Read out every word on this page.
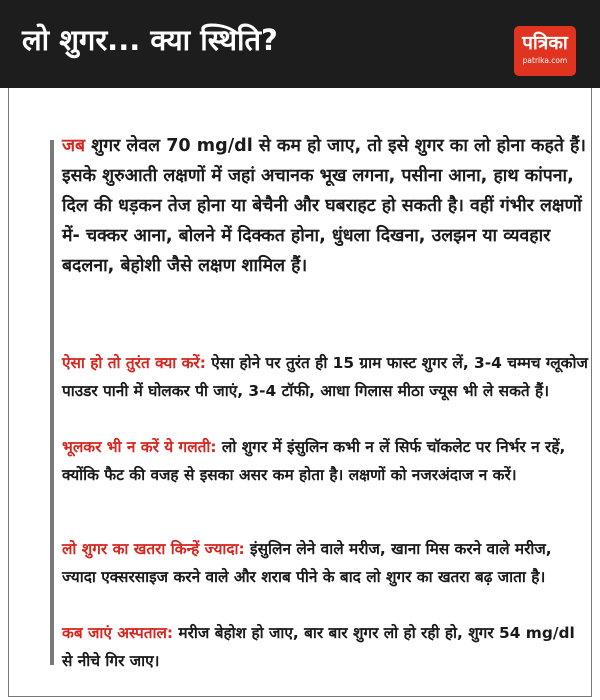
लो शुगर... क्या स्थिति?	पत्रिका
patrika.com

जब शुगर लेवल 70 mg/dl से कम हो जाए, तो इसे शुगर का लो होना कहते हैं। इसके शुरुआती लक्षणों में जहां अचानक भूख लगना, पसीना आना, हाथ कांपना, दिल की धड़कन तेज होना या बेचैनी और घबराहट हो सकती है। वहीं गंभीर लक्षणों में- चक्कर आना, बोलने में दिक्कत होना, धुंधला दिखना, उलझन या व्यवहार बदलना, बेहोशी जैसे लक्षण शामिल हैं।

ऐसा हो तो तुरंत क्या करें: ऐसा होने पर तुरंत ही 15 ग्राम फास्ट शुगर लें, 3-4 चम्मच ग्लूकोज पाउडर पानी में घोलकर पी जाएं, 3-4 टॉफी, आधा गिलास मीठा ज्यूस भी ले सकते हैं।

भूलकर भी न करें ये गलती: लो शुगर में इंसुलिन कभी न लें सिर्फ चॉकलेट पर निर्भर न रहें, क्योंकि फैट की वजह से इसका असर कम होता है। लक्षणों को नजरअंदाज न करें।

लो शुगर का खतरा किन्हें ज्यादा: इंसुलिन लेने वाले मरीज, खाना मिस करने वाले मरीज, ज्यादा एक्सरसाइज करने वाले और शराब पीने के बाद लो शुगर का खतरा बढ़ जाता है।

कब जाएं अस्पताल: मरीज बेहोश हो जाए, बार बार शुगर लो हो रही हो, शुगर 54 mg/dl से नीचे गिर जाए।
